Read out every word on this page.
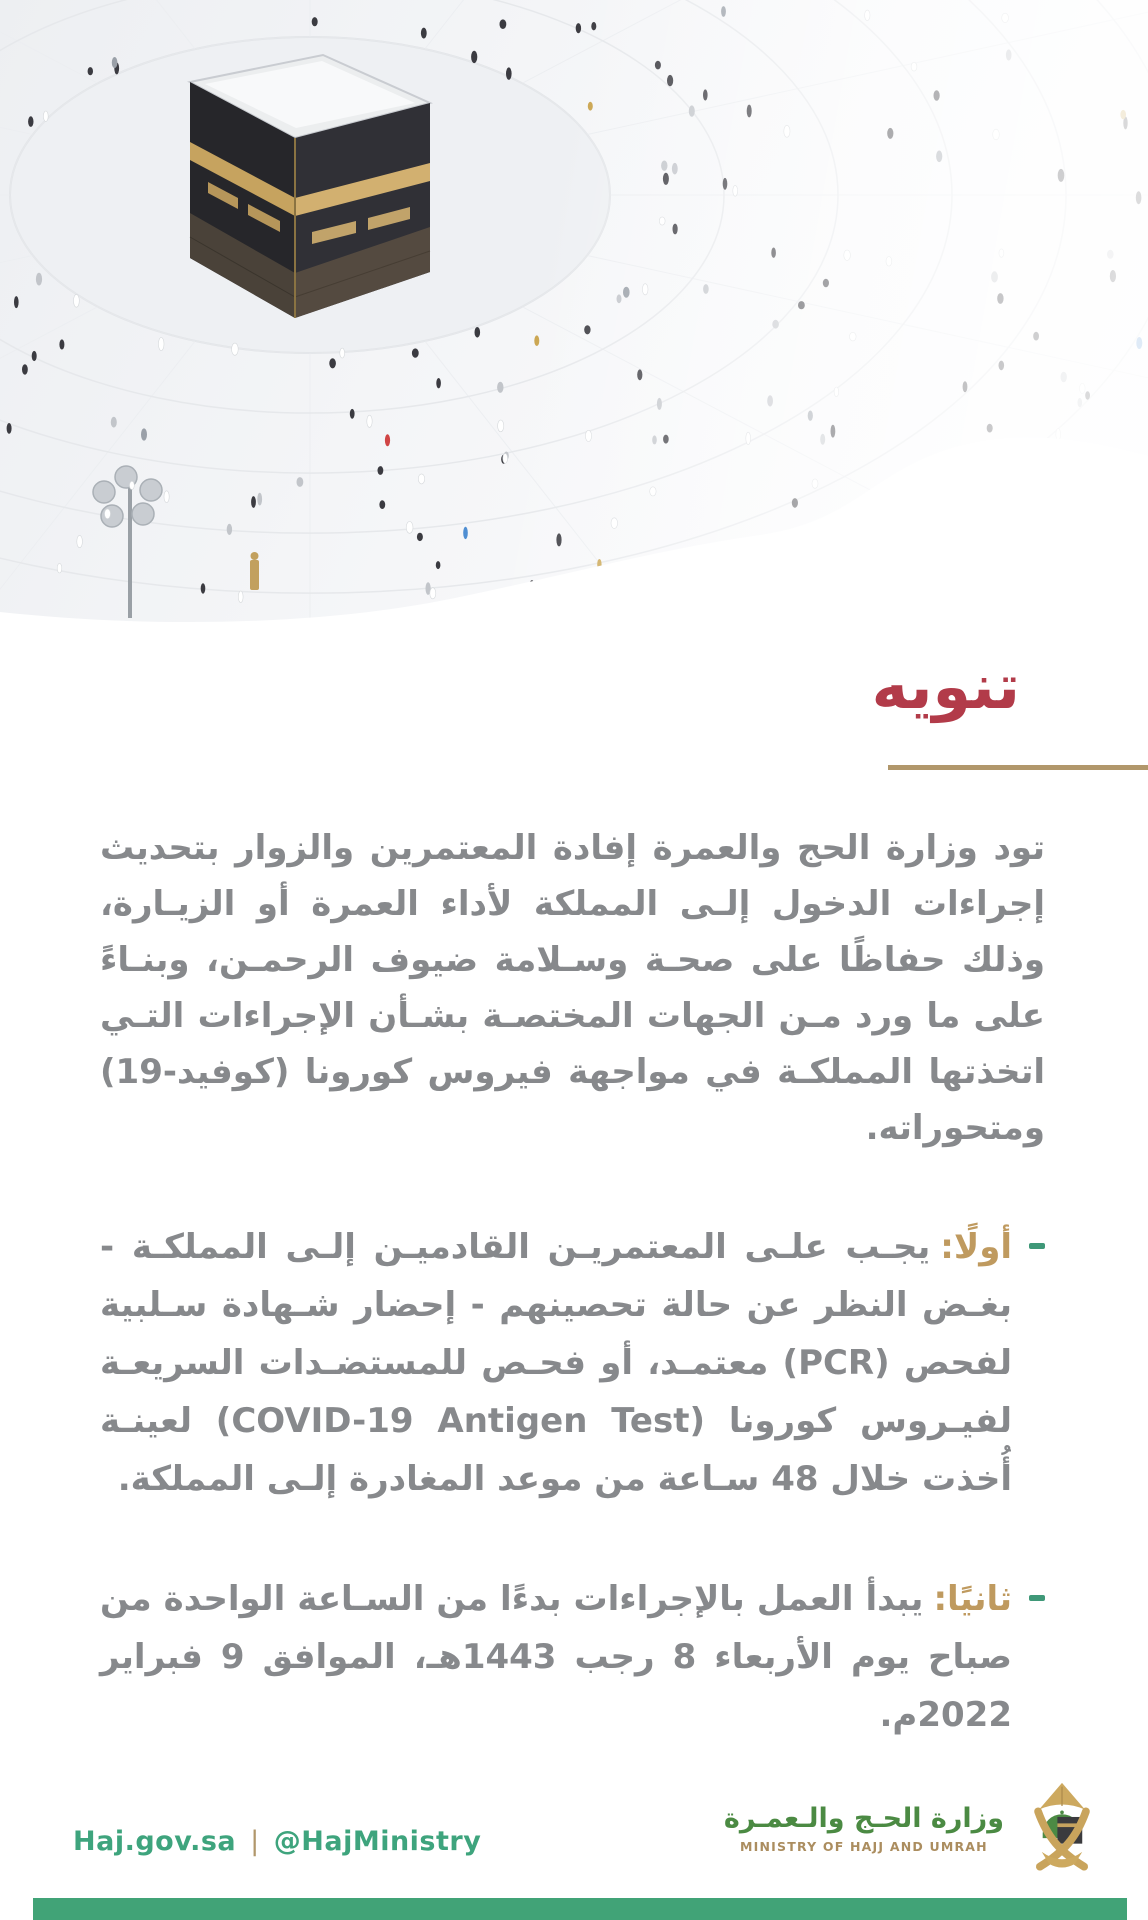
تنويه

تود وزارة الحج والعمرة إفادة المعتمرين والزوار بتحديث إجراءات الدخول إلـى المملكة لأداء العمرة أو الزيـارة، وذلك حفاظًا على صحـة وسـلامة ضيوف الرحمـن، وبنـاءً على ما ورد مـن الجهات المختصـة بشـأن الإجراءات التـي اتخذتها المملكـة في مواجهة فيروس كورونا (كوفيد-19) ومتحوراته.

أولًا:يجـب علـى المعتمريـن القادميـن إلـى المملكـة - بغـض النظر عن حالة تحصينهم - إحضار شـهادة سـلبية لفحص (PCR) معتمـد، أو فحـص للمستضـدات السريعـة لفيـروس كورونا (COVID-19 Antigen Test) لعينـة أُخذت خلال 48 سـاعة من موعد المغادرة إلـى المملكة.

ثانيًا:يبدأ العمل بالإجراءات بدءًا من السـاعة الواحدة من صباح يوم الأربعاء 8 رجب 1443هـ، الموافق 9 فبراير 2022م.

Haj.gov.sa | @HajMinistry
وزارة الحـج والـعمـرة
MINISTRY OF HAJJ AND UMRAH
